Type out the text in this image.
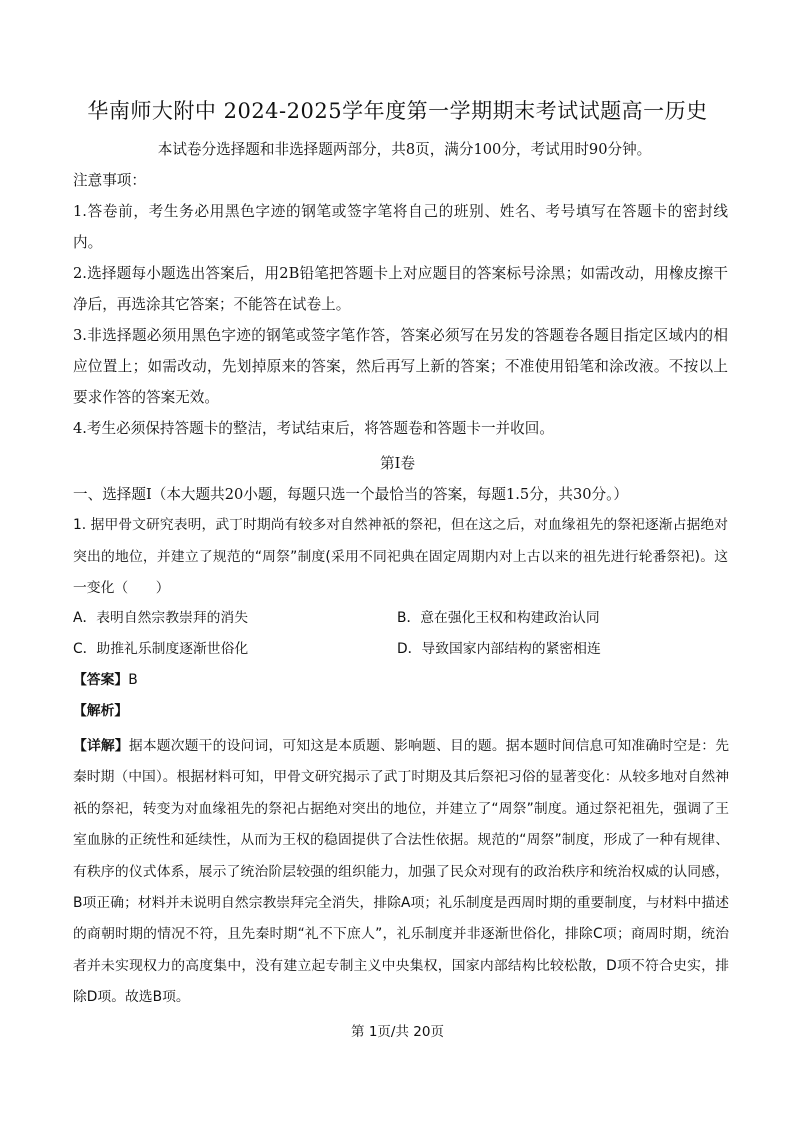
华南师大附中 2024-2025学年度第一学期期末考试试题高一历史
本试卷分选择题和非选择题两部分，共8页，满分100分，考试用时90分钟。
注意事项：
1.答卷前，考生务必用黑色字迹的钢笔或签字笔将自己的班别、姓名、考号填写在答题卡的密封线内。
2.选择题每小题选出答案后，用2B铅笔把答题卡上对应题目的答案标号涂黑；如需改动，用橡皮擦干净后，再选涂其它答案；不能答在试卷上。
3.非选择题必须用黑色字迹的钢笔或签字笔作答，答案必须写在另发的答题卷各题目指定区域内的相应位置上；如需改动，先划掉原来的答案，然后再写上新的答案；不准使用铅笔和涂改液。不按以上要求作答的答案无效。
4.考生必须保持答题卡的整洁，考试结束后，将答题卷和答题卡一并收回。
第Ⅰ卷
一、选择题Ⅰ（本大题共20小题，每题只选一个最恰当的答案，每题1.5分，共30分。）
1. 据甲骨文研究表明，武丁时期尚有较多对自然神祇的祭祀，但在这之后，对血缘祖先的祭祀逐渐占据绝对突出的地位，并建立了规范的“周祭”制度(采用不同祀典在固定周期内对上古以来的祖先进行轮番祭祀)。这一变化（　　）
A．表明自然宗教崇拜的消失	B．意在强化王权和构建政治认同
C．助推礼乐制度逐渐世俗化	D．导致国家内部结构的紧密相连
【答案】B
【解析】
【详解】据本题次题干的设问词，可知这是本质题、影响题、目的题。据本题时间信息可知准确时空是：先秦时期（中国）。根据材料可知，甲骨文研究揭示了武丁时期及其后祭祀习俗的显著变化：从较多地对自然神祇的祭祀，转变为对血缘祖先的祭祀占据绝对突出的地位，并建立了“周祭”制度。通过祭祀祖先，强调了王室血脉的正统性和延续性，从而为王权的稳固提供了合法性依据。规范的“周祭”制度，形成了一种有规律、有秩序的仪式体系，展示了统治阶层较强的组织能力，加强了民众对现有的政治秩序和统治权威的认同感，B项正确；材料并未说明自然宗教崇拜完全消失，排除A项；礼乐制度是西周时期的重要制度，与材料中描述的商朝时期的情况不符，且先秦时期“礼不下庶人”，礼乐制度并非逐渐世俗化，排除C项；商周时期，统治者并未实现权力的高度集中，没有建立起专制主义中央集权，国家内部结构比较松散，D项不符合史实，排除D项。故选B项。
第 1页/共 20页
